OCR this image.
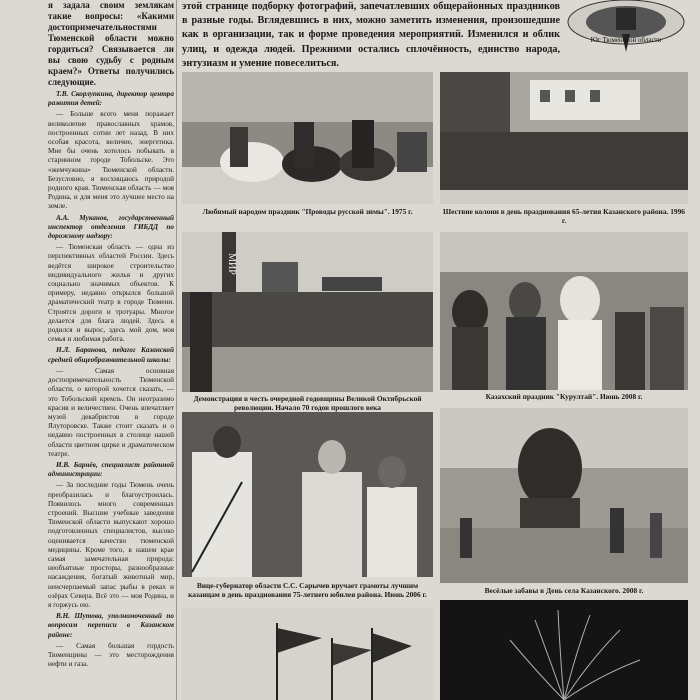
я задала своим землякам такие вопросы: «Какими достопримечательностями Тюменской области можно гордиться? Связывается ли вы свою судьбу с родным краем?» Ответы получились следующие.

Т.В. Скорлупкина, директор центра развития детей:

— Больше всего меня поражает великолепие православных храмов, построенных сотни лет назад. В них особая красота, величие, энергетика. Мне бы очень хотелось побывать в старинном городе Тобольске. Это «жемчужина» Тюменской области. Безусловно, я восхищаюсь природой родного края. Тюменская область — моя Родина, и для меня это лучшее место на земле.

А.А. Муканов, государственный инспектор отделения ГИБДД по дорожному надзору:

— Тюменская область — одна из перспективных областей России. Здесь ведётся широкое строительство индивидуального жилья и других социально значимых объектов. К примеру, недавно открылся большой драматический театр в городе Тюмени. Строятся дороги и тротуары. Многое делается для блага людей. Здесь я родился и вырос, здесь мой дом, моя семья и любимая работа.

Н.Л. Баранова, педагог Казанской средней общеобразовательной школы:

— Самая основная достопримечательность Тюменской области, о которой хочется сказать, — это Тобольский кремль. Он неотразимо красив и величествен. Очень впечатляет музей декабристов в городе Ялуторовске. Также стоит сказать и о недавно построенных в столице нашей области цветном цирке и драматическом театре.

И.В. Барнёв, специалист районной администрации:

— За последние годы Тюмень очень преобразилась и благоустроилась. Появилось много современных строений. Высшие учебные заведения Тюменской области выпускают хорошо подготовленных специалистов, высоко оценивается качество тюменской медицины. Кроме того, в нашем крае самая замечательная природа: необъятные просторы, разнообразные насаждения, богатый животный мир, неисчерпаемый запас рыбы в реках и озёрах Севера. Всё это — моя Родина, и я горжусь ею.

В.Н. Шутова, уполномоченный по вопросам переписи в Казанском районе:

— Самая большая гордость Тюменщины — это месторождения нефти и газа.

этой странице подборку фотографий, запечатлевших общерайонных праздников в разные годы. Вглядевшись в них, можно заметить изменения, произошедшие как в организации, так и форме проведения мероприятий. Изменился и облик улиц, и одежда людей. Прежними остались сплочённость, единство народа, энтузиазм и умение повеселиться.
Юг Тюменской области
Любимый народом праздник "Проводы русской зимы". 1975 г.	Шествие колонн в день празднования 65-летия Казанского района. 1996 г.
МИР
Демонстрация в честь очередной годовщины Великой Октябрьской революции. Начало 70 годов прошлого века
Казахский праздник "Курултай". Июнь 2008 г.
Вице-губернатор области С.С. Сарычев вручает грамоты лучшим казанцам в день празднования 75-летнего юбилея района. Июнь 2006 г.	Весёлые забавы в День села Казанского. 2008 г.
